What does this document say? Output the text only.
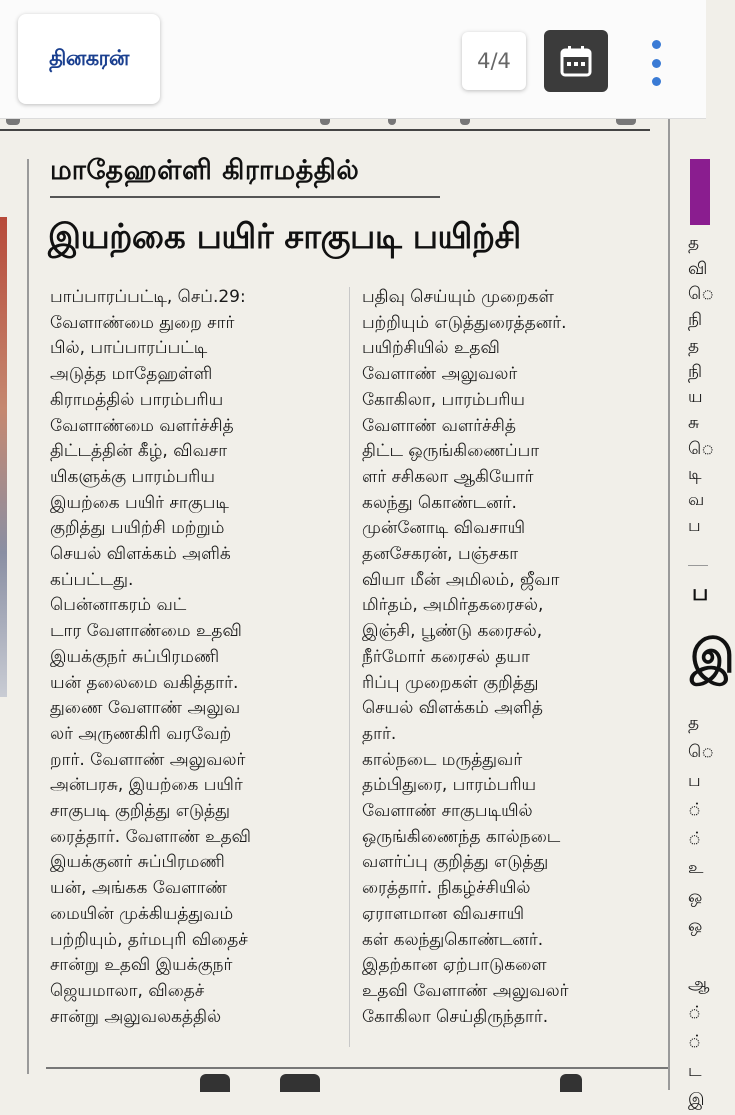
தினகரன்	4/4
மாதேஹள்ளி கிராமத்தில்
இயற்கை பயிர் சாகுபடி பயிற்சி
பாப்பாரப்பட்டி, செப்.29:
வேளாண்மை துறை சார்
பில், பாப்பாரப்பட்டி
அடுத்த மாதேஹள்ளி
கிராமத்தில் பாரம்பரிய
வேளாண்மை வளர்ச்சித்
திட்டத்தின் கீழ், விவசா
யிகளுக்கு பாரம்பரிய
இயற்கை பயிர் சாகுபடி
குறித்து பயிற்சி மற்றும்
செயல் விளக்கம் அளிக்
கப்பட்டது.
பென்னாகரம் வட்
டார வேளாண்மை உதவி
இயக்குநர் சுப்பிரமணி
யன் தலைமை வகித்தார்.
துணை வேளாண் அலுவ
லர் அருணகிரி வரவேற்
றார். வேளாண் அலுவலர்
அன்பரசு, இயற்கை பயிர்
சாகுபடி குறித்து எடுத்து
ரைத்தார். வேளாண் உதவி
இயக்குனர் சுப்பிரமணி
யன், அங்கக வேளாண்
மையின் முக்கியத்துவம்
பற்றியும், தர்மபுரி விதைச்
சான்று உதவி இயக்குநர்
ஜெயமாலா, விதைச்
சான்று அலுவலகத்தில்
பதிவு செய்யும் முறைகள்
பற்றியும் எடுத்துரைத்தனர்.
பயிற்சியில் உதவி
வேளாண் அலுவலர்
கோகிலா, பாரம்பரிய
வேளாண் வளர்ச்சித்
திட்ட ஒருங்கிணைப்பா
ளர் சசிகலா ஆகியோர்
கலந்து கொண்டனர்.
முன்னோடி விவசாயி
தனசேகரன், பஞ்சகா
வியா மீன் அமிலம், ஜீவா
மிர்தம், அமிர்தகரைசல்,
இஞ்சி, பூண்டு கரைசல்,
நீர்மோர் கரைசல் தயா
ரிப்பு முறைகள் குறித்து
செயல் விளக்கம் அளித்
தார்.
கால்நடை மருத்துவர்
தம்பிதுரை, பாரம்பரிய
வேளாண் சாகுபடியில்
ஒருங்கிணைந்த கால்நடை
வளர்ப்பு குறித்து எடுத்து
ரைத்தார். நிகழ்ச்சியில்
ஏராளமான விவசாயி
கள் கலந்துகொண்டனர்.
இதற்கான ஏற்பாடுகளை
உதவி வேளாண் அலுவலர்
கோகிலா செய்திருந்தார்.
த
வி
ெ
நி
த
நி
ய
சு
ெ
டி
வ
ப
ப
இ
த
ெ
ப
்
்
உ
ஒ
ஒ

ஆ
்
்
ட
இ
